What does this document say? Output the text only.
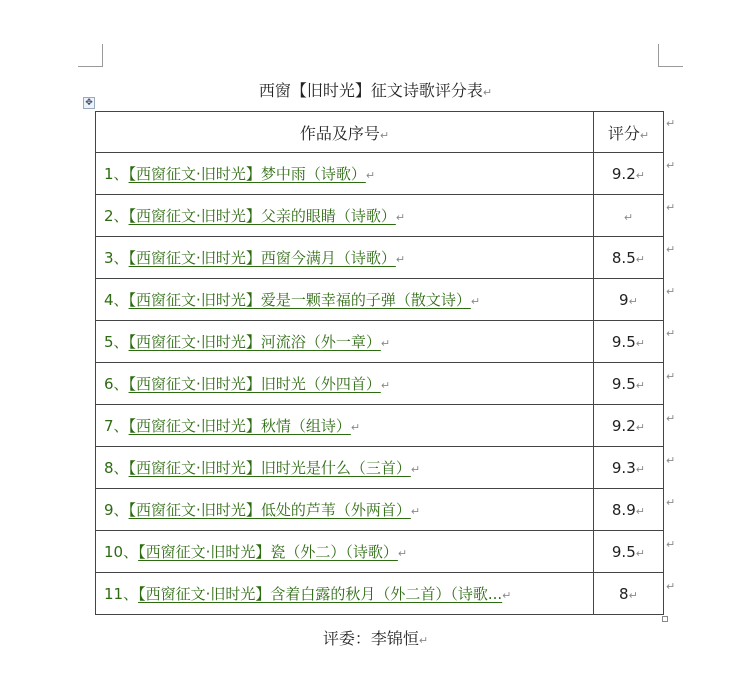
西窗【旧时光】征文诗歌评分表↵
✥
作品及序号↵	评分↵
1、【西窗征文·旧时光】梦中雨（诗歌）↵	9.2↵
2、【西窗征文·旧时光】父亲的眼睛（诗歌）↵	↵
3、【西窗征文·旧时光】西窗今满月（诗歌）↵	8.5↵
4、【西窗征文·旧时光】爱是一颗幸福的子弹（散文诗）↵	9↵
5、【西窗征文·旧时光】河流浴（外一章）↵	9.5↵
6、【西窗征文·旧时光】旧时光（外四首）↵	9.5↵
7、【西窗征文·旧时光】秋情（组诗）↵	9.2↵
8、【西窗征文·旧时光】旧时光是什么（三首）↵	9.3↵
9、【西窗征文·旧时光】低处的芦苇（外两首）↵	8.9↵
10、【西窗征文·旧时光】瓷（外二）（诗歌）↵	9.5↵
11、【西窗征文·旧时光】含着白露的秋月（外二首）（诗歌...↵	8↵
↵
↵
↵
↵
↵
↵
↵
↵
↵
↵
↵
↵
评委：李锦恒↵
